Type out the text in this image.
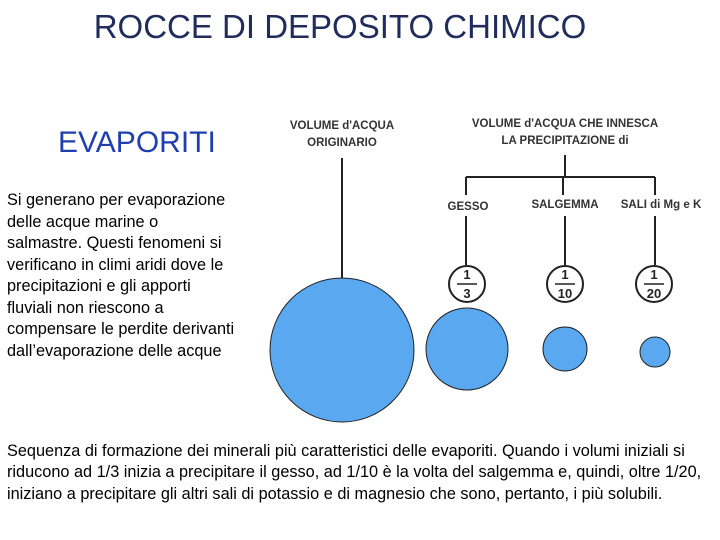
ROCCE DI DEPOSITO CHIMICO
EVAPORITI
Si generano per evaporazione delle acque marine o salmastre. Questi fenomeni si verificano in climi aridi dove le precipitazioni e gli apporti fluviali non riescono a compensare le perdite derivanti dall’evaporazione delle acque
VOLUME d'ACQUA
ORIGINARIO
VOLUME d'ACQUA CHE INNESCA
LA PRECIPITAZIONE di
GESSO	SALGEMMA SALI di Mg e K
1
3
1
10
1
20
Sequenza di formazione dei minerali più caratteristici delle evaporiti. Quando i volumi iniziali si riducono ad 1/3 inizia a precipitare il gesso, ad 1/10 è la volta del salgemma e, quindi, oltre 1/20, iniziano a precipitare gli altri sali di potassio e di magnesio che sono, pertanto, i più solubili.
